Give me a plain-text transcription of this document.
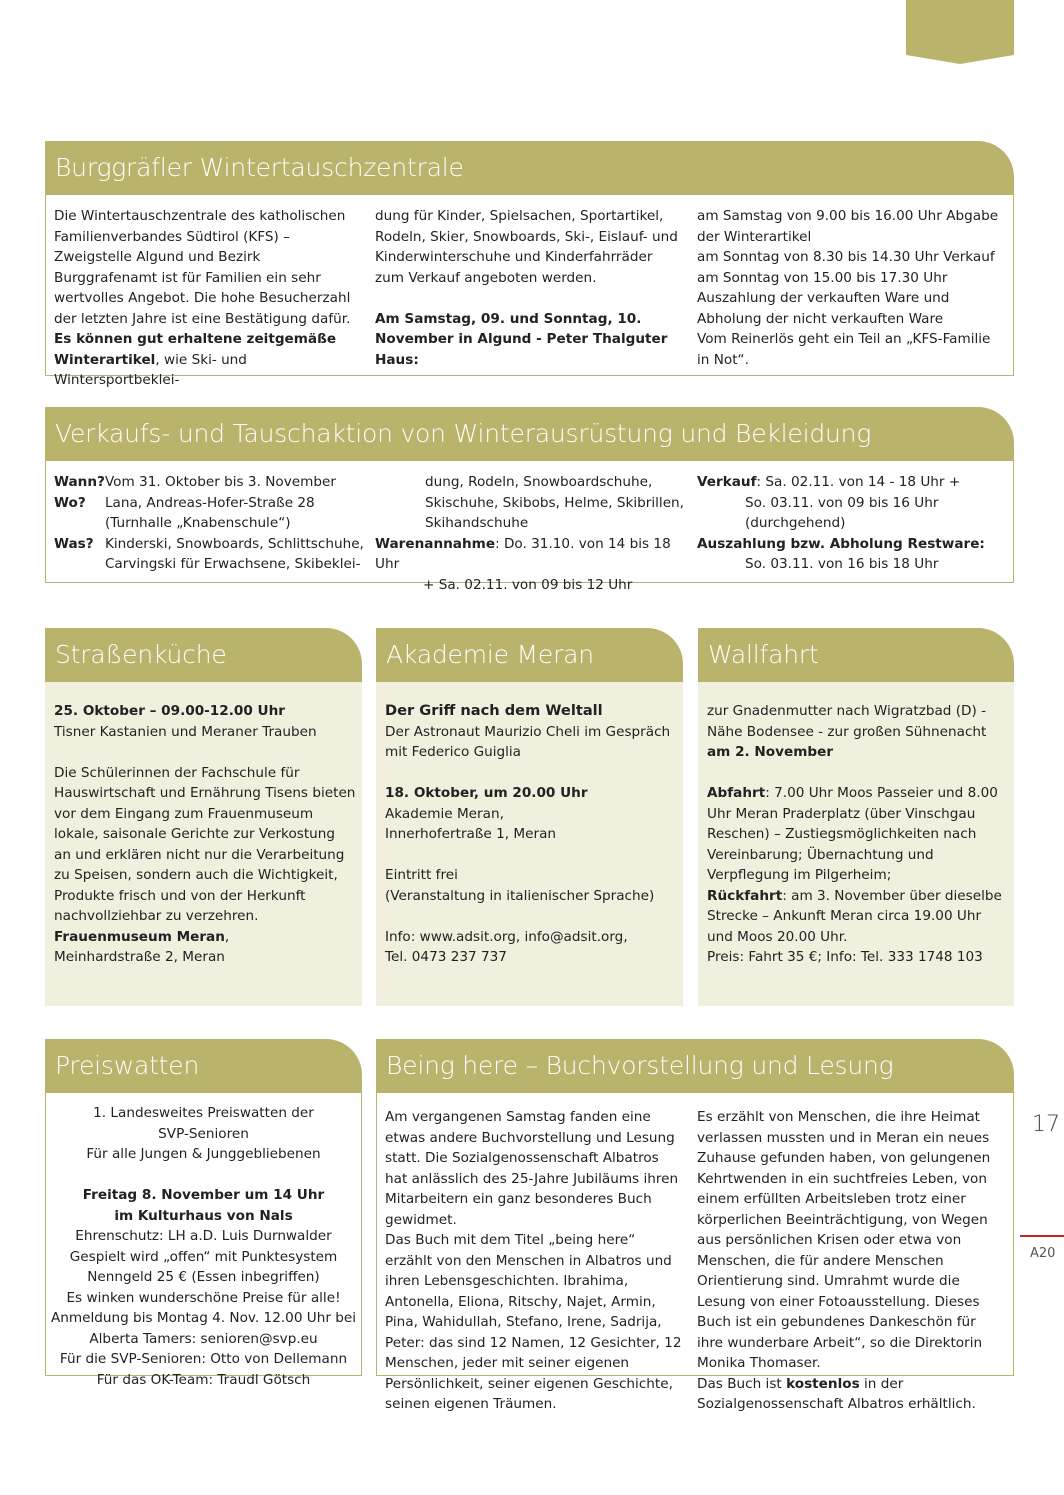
Burggräfler Wintertauschzentrale

Die Wintertauschzentrale des katholischen Familienverbandes Südtirol (KFS) – Zweigstelle Algund und Bezirk Burggrafenamt ist für Familien ein sehr wertvolles Angebot. Die hohe Besucherzahl der letzten Jahre ist eine Bestätigung dafür.

Es können gut erhaltene zeitgemäße Winterartikel, wie Ski- und Wintersportbeklei-

dung für Kinder, Spielsachen, Sportartikel, Rodeln, Skier, Snowboards, Ski-, Eislauf- und Kinderwinterschuhe und Kinderfahrräder zum Verkauf angeboten werden.

Am Samstag, 09. und Sonntag, 10. November in Algund - Peter Thalguter Haus:

am Samstag von 9.00 bis 16.00 Uhr Abgabe der Winterartikel

am Sonntag von 8.30 bis 14.30 Uhr Verkauf

am Sonntag von 15.00 bis 17.30 Uhr Auszahlung der verkauften Ware und Abholung der nicht verkauften Ware

Vom Reinerlös geht ein Teil an „KFS-Familie in Not“.

Verkaufs- und Tauschaktion von Winterausrüstung und Bekleidung
Wann?	Vom 31. Oktober bis 3. November
Wo?	Lana, Andreas-Hofer-Straße 28 (Turnhalle „Knabenschule“)
Was?	Kinderski, Snowboards, Schlittschuhe, Carvingski für Erwachsene, Skibeklei-

dung, Rodeln, Snowboardschuhe, Skischuhe, Skibobs, Helme, Skibrillen, Skihandschuhe

Warenannahme: Do. 31.10. von 14 bis 18 Uhr

+ Sa. 02.11. von 09 bis 12 Uhr

Verkauf: Sa. 02.11. von 14 - 18 Uhr +

So. 03.11. von 09 bis 16 Uhr (durchgehend)

Auszahlung bzw. Abholung Restware:

So. 03.11. von 16 bis 18 Uhr

Straßenküche

25. Oktober – 09.00-12.00 Uhr

Tisner Kastanien und Meraner Trauben

Die Schülerinnen der Fachschule für Hauswirtschaft und Ernährung Tisens bieten vor dem Eingang zum Frauenmuseum lokale, saisonale Gerichte zur Verkostung an und erklären nicht nur die Verarbeitung zu Speisen, sondern auch die Wichtigkeit, Produkte frisch und von der Herkunft nachvollziehbar zu verzehren.

Frauenmuseum Meran,

Meinhardstraße 2, Meran

Akademie Meran

Der Griff nach dem Weltall

Der Astronaut Maurizio Cheli im Gespräch mit Federico Guiglia

18. Oktober, um 20.00 Uhr

Akademie Meran,

Innerhofertraße 1, Meran

Eintritt frei

(Veranstaltung in italienischer Sprache)

Info: www.adsit.org, info@adsit.org,

Tel. 0473 237 737

Wallfahrt

zur Gnadenmutter nach Wigratzbad (D) - Nähe Bodensee - zur großen Sühnenacht

am 2. November

Abfahrt: 7.00 Uhr Moos Passeier und 8.00 Uhr Meran Praderplatz (über Vinschgau Reschen) – Zustiegsmöglichkeiten nach Vereinbarung; Übernachtung und Verpflegung im Pilgerheim;

Rückfahrt: am 3. November über dieselbe Strecke – Ankunft Meran circa 19.00 Uhr und Moos 20.00 Uhr.

Preis: Fahrt 35 €; Info: Tel. 333 1748 103

Preiswatten

1. Landesweites Preiswatten der

SVP-Senioren

Für alle Jungen & Junggebliebenen

Freitag 8. November um 14 Uhr

im Kulturhaus von Nals

Ehrenschutz: LH a.D. Luis Durnwalder

Gespielt wird „offen“ mit Punktesystem

Nenngeld 25 € (Essen inbegriffen)

Es winken wunderschöne Preise für alle!

Anmeldung bis Montag 4. Nov. 12.00 Uhr bei

Alberta Tamers: senioren@svp.eu

Für die SVP-Senioren: Otto von Dellemann

Für das OK-Team: Traudl Götsch

Being here – Buchvorstellung und Lesung

Am vergangenen Samstag fanden eine etwas andere Buchvorstellung und Lesung statt. Die Sozialgenossenschaft Albatros hat anlässlich des 25-Jahre Jubiläums ihren Mitarbeitern ein ganz besonderes Buch gewidmet.

Das Buch mit dem Titel „being here“ erzählt von den Menschen in Albatros und ihren Lebensgeschichten. Ibrahima, Antonella, Eliona, Ritschy, Najet, Armin, Pina, Wahidullah, Stefano, Irene, Sadrija, Peter: das sind 12 Namen, 12 Gesichter, 12 Menschen, jeder mit seiner eigenen Persönlichkeit, seiner eigenen Geschichte, seinen eigenen Träumen.

Es erzählt von Menschen, die ihre Heimat verlassen mussten und in Meran ein neues Zuhause gefunden haben, von gelungenen Kehrtwenden in ein suchtfreies Leben, von einem erfüllten Arbeitsleben trotz einer körperlichen Beeinträchtigung, von Wegen aus persönlichen Krisen oder etwa von Menschen, die für andere Menschen Orientierung sind. Umrahmt wurde die Lesung von einer Fotoausstellung. Dieses Buch ist ein gebundenes Dankeschön für ihre wunderbare Arbeit“, so die Direktorin Monika Thomaser.

Das Buch ist kostenlos in der Sozialgenossenschaft Albatros erhältlich.

17
A20
